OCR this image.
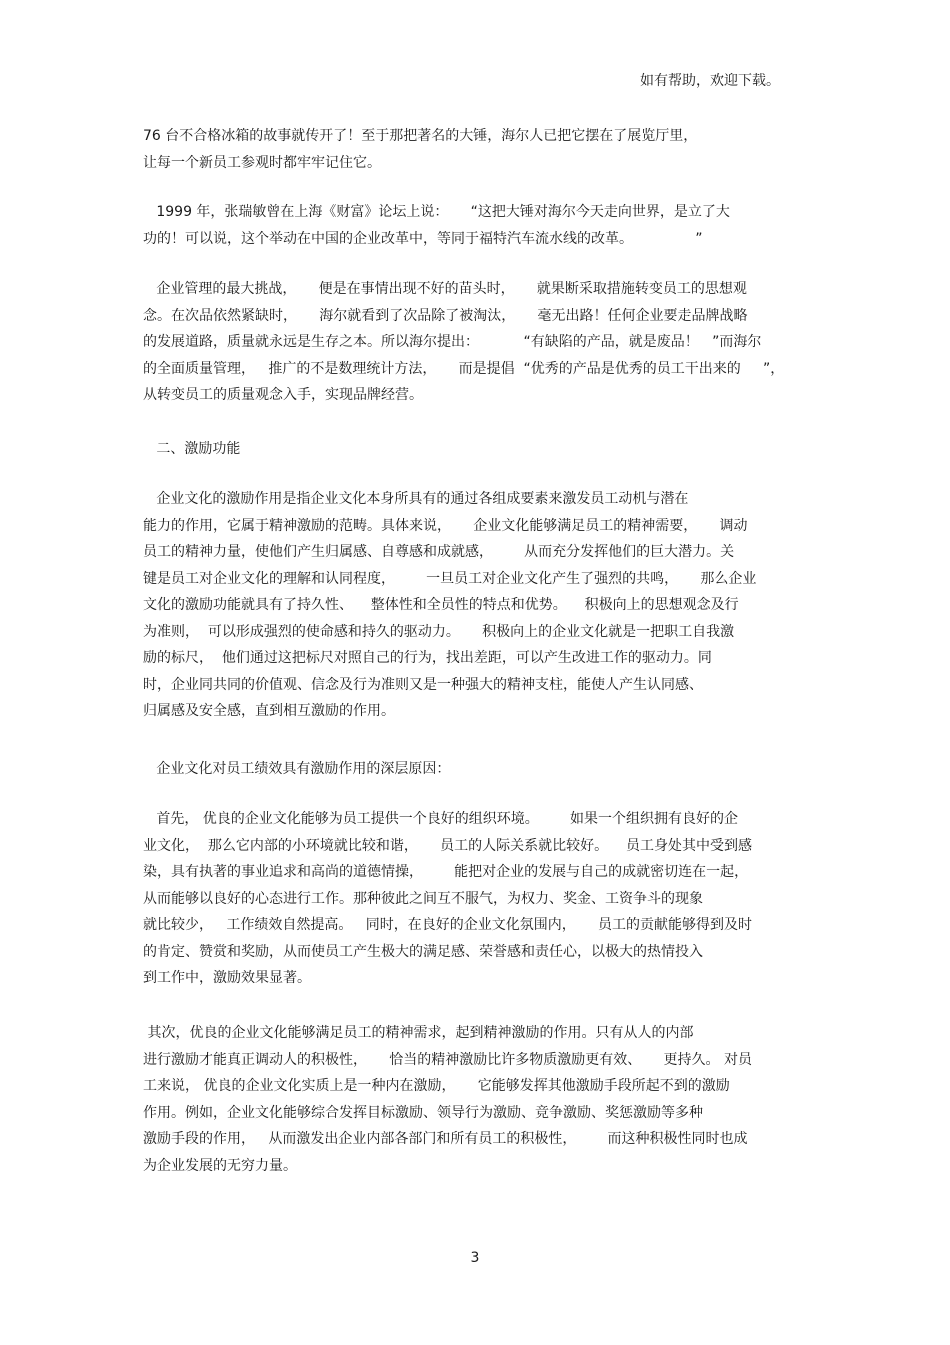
如有帮助，欢迎下载。
76 台不合格冰箱的故事就传开了！至于那把著名的大锤，海尔人已把它摆在了展览厅里，
让每一个新员工参观时都牢牢记住它。
1999 年，张瑞敏曾在上海《财富》论坛上说：     “这把大锤对海尔今天走向世界，是立了大
功的！可以说，这个举动在中国的企业改革中，等同于福特汽车流水线的改革。              ”
企业管理的最大挑战，     便是在事情出现不好的苗头时，     就果断采取措施转变员工的思想观
念。在次品依然紧缺时，     海尔就看到了次品除了被淘汰，     毫无出路！任何企业要走品牌战略
的发展道路，质量就永远是生存之本。所以海尔提出：          “有缺陷的产品，就是废品！   ”而海尔
的全面质量管理，   推广的不是数理统计方法，     而是提倡  “优秀的产品是优秀的员工干出来的     ”，
从转变员工的质量观念入手，实现品牌经营。
二、激励功能
企业文化的激励作用是指企业文化本身所具有的通过各组成要素来激发员工动机与潜在
能力的作用，它属于精神激励的范畴。具体来说，     企业文化能够满足员工的精神需要，     调动
员工的精神力量，使他们产生归属感、自尊感和成就感，       从而充分发挥他们的巨大潜力。关
键是员工对企业文化的理解和认同程度，       一旦员工对企业文化产生了强烈的共鸣，     那么企业
文化的激励功能就具有了持久性、    整体性和全员性的特点和优势。    积极向上的思想观念及行
为准则，  可以形成强烈的使命感和持久的驱动力。     积极向上的企业文化就是一把职工自我激
励的标尺，  他们通过这把标尺对照自己的行为，找出差距，可以产生改进工作的驱动力。同
时，企业同共同的价值观、信念及行为准则又是一种强大的精神支柱，能使人产生认同感、
归属感及安全感，直到相互激励的作用。
企业文化对员工绩效具有激励作用的深层原因：
首先， 优良的企业文化能够为员工提供一个良好的组织环境。       如果一个组织拥有良好的企
业文化，  那么它内部的小环境就比较和谐，     员工的人际关系就比较好。    员工身处其中受到感
染，具有执著的事业追求和高尚的道德情操，       能把对企业的发展与自己的成就密切连在一起，
从而能够以良好的心态进行工作。那种彼此之间互不服气，为权力、奖金、工资争斗的现象
就比较少，   工作绩效自然提高。   同时，在良好的企业文化氛围内，     员工的贡献能够得到及时
的肯定、赞赏和奖励，从而使员工产生极大的满足感、荣誉感和责任心，以极大的热情投入
到工作中，激励效果显著。
其次，优良的企业文化能够满足员工的精神需求，起到精神激励的作用。只有从人的内部
进行激励才能真正调动人的积极性，     恰当的精神激励比许多物质激励更有效、     更持久。 对员
工来说， 优良的企业文化实质上是一种内在激励，     它能够发挥其他激励手段所起不到的激励
作用。例如，企业文化能够综合发挥目标激励、领导行为激励、竞争激励、奖惩激励等多种
激励手段的作用，   从而激发出企业内部各部门和所有员工的积极性，       而这种积极性同时也成
为企业发展的无穷力量。
3
